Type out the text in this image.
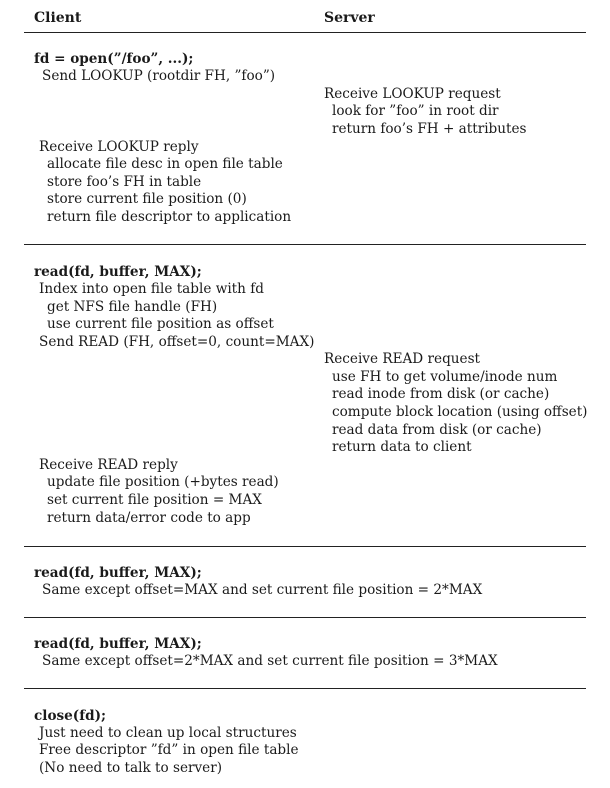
Client	Server
fd = open(”/foo”, ...);
Send LOOKUP (rootdir FH, ”foo”)
Receive LOOKUP request
look for ”foo” in root dir
return foo’s FH + attributes
Receive LOOKUP reply
allocate file desc in open file table
store foo’s FH in table
store current file position (0)
return file descriptor to application
read(fd, buffer, MAX);
Index into open file table with fd
get NFS file handle (FH)
use current file position as offset
Send READ (FH, offset=0, count=MAX)
Receive READ request
use FH to get volume/inode num
read inode from disk (or cache)
compute block location (using offset)
read data from disk (or cache)
return data to client
Receive READ reply
update file position (+bytes read)
set current file position = MAX
return data/error code to app
read(fd, buffer, MAX);
Same except offset=MAX and set current file position = 2*MAX
read(fd, buffer, MAX);
Same except offset=2*MAX and set current file position = 3*MAX
close(fd);
Just need to clean up local structures
Free descriptor ”fd” in open file table
(No need to talk to server)
